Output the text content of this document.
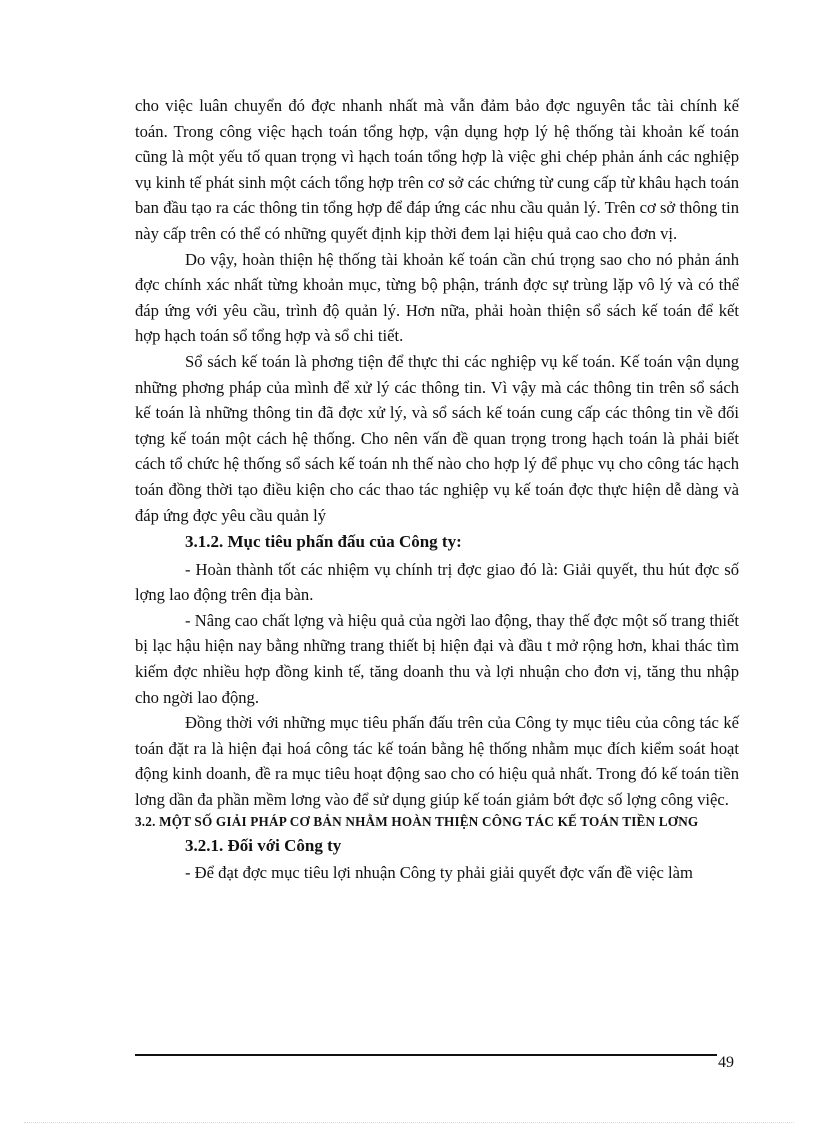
cho việc luân chuyển đó đợc nhanh nhất mà vẫn đảm bảo đợc nguyên tắc tài chính kế toán. Trong công việc hạch toán tổng hợp, vận dụng hợp lý hệ thống tài khoản kế toán cũng là một yếu tố quan trọng vì hạch toán tổng hợp là việc ghi chép phản ánh các nghiệp vụ kinh tế phát sinh một cách tổng hợp trên cơ sở các chứng từ cung cấp từ khâu hạch toán ban đầu tạo ra các thông tin tổng hợp để đáp ứng các nhu cầu quản lý. Trên cơ sở thông tin này cấp trên có thể có những quyết định kịp thời đem lại hiệu quả cao cho đơn vị.

Do vậy, hoàn thiện hệ thống tài khoản kế toán cần chú trọng sao cho nó phản ánh đợc chính xác nhất từng khoản mục, từng bộ phận, tránh đợc sự trùng lặp vô lý và có thể đáp ứng với yêu cầu, trình độ quản lý. Hơn nữa, phải hoàn thiện sổ sách kế toán để kết hợp hạch toán sổ tổng hợp và sổ chi tiết.

Sổ sách kế toán là phơng tiện để thực thi các nghiệp vụ kế toán. Kế toán vận dụng những phơng pháp của mình để xử lý các thông tin. Vì vậy mà các thông tin trên sổ sách kế toán là những thông tin đã đợc xử lý, và sổ sách kế toán cung cấp các thông tin về đối tợng kế toán một cách hệ thống. Cho nên vấn đề quan trọng trong hạch toán là phải biết cách tổ chức hệ thống sổ sách kế toán nh thế nào cho hợp lý để phục vụ cho công tác hạch toán đồng thời tạo điều kiện cho các thao tác nghiệp vụ kế toán đợc thực hiện dễ dàng và đáp ứng đợc yêu cầu quản lý

3.1.2. Mục tiêu phấn đấu của Công ty:

- Hoàn thành tốt các nhiệm vụ chính trị đợc giao đó là: Giải quyết, thu hút đợc số lợng lao động trên địa bàn.

- Nâng cao chất lợng và hiệu quả của ngời lao động, thay thế đợc một số trang thiết bị lạc hậu hiện nay bằng những trang thiết bị hiện đại và đầu t mở rộng hơn, khai thác tìm kiếm đợc nhiều hợp đồng kinh tế, tăng doanh thu và lợi nhuận cho đơn vị, tăng thu nhập cho ngời lao động.

Đồng thời với những mục tiêu phấn đấu trên của Công ty mục tiêu của công tác kế toán đặt ra là hiện đại hoá công tác kế toán bằng hệ thống nhằm mục đích kiểm soát hoạt động kinh doanh, đề ra mục tiêu hoạt động sao cho có hiệu quả nhất. Trong đó kế toán tiền lơng dần đa phần mềm lơng vào để sử dụng giúp kế toán giảm bớt đợc số lợng công việc.

3.2. MỘT SỐ GIẢI PHÁP CƠ BẢN NHẰM HOÀN THIỆN CÔNG TÁC KẾ TOÁN TIỀN LƠNG

3.2.1. Đối với Công ty

- Để đạt đợc mục tiêu lợi nhuận Công ty phải giải quyết đợc vấn đề việc làm

49
